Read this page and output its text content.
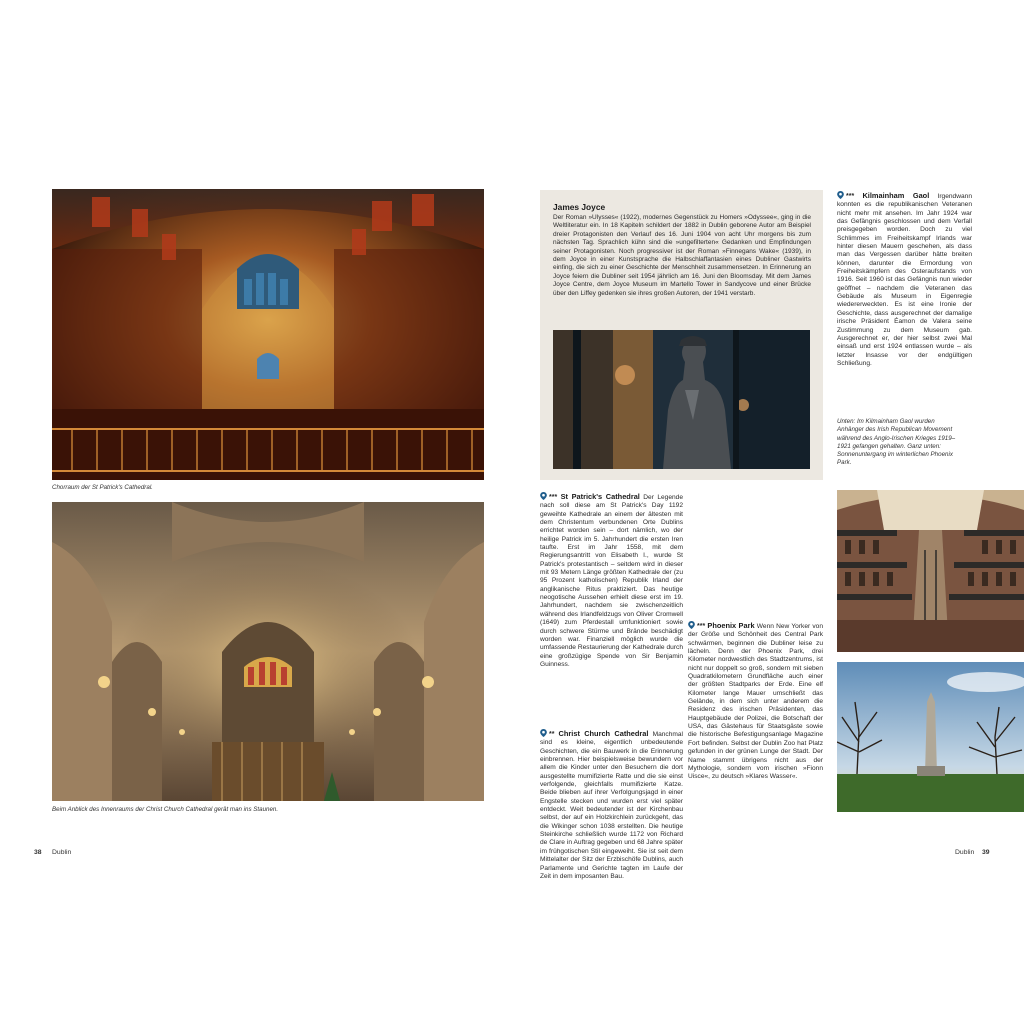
Chorraum der St Patrick's Cathedral.
Beim Anblick des Innenraums der Christ Church Cathedral gerät man ins Staunen.
38 Dublin
James Joyce
Der Roman »Ulysses« (1922), modernes Gegenstück zu Homers »Odyssee«, ging in die Weltliteratur ein. In 18 Kapiteln schildert der 1882 in Dublin geborene Autor am Beispiel dreier Protagonisten den Verlauf des 16. Juni 1904 von acht Uhr morgens bis zum nächsten Tag. Sprachlich kühn sind die »ungefilterten« Gedanken und Empfindungen seiner Protagonisten. Noch progressiver ist der Roman »Finnegans Wake« (1939), in dem Joyce in einer Kunstsprache die Halbschlaffantasien eines Dubliner Gastwirts einfing, die sich zu einer Geschichte der Menschheit zusammensetzen. In Erinnerung an Joyce feiern die Dubliner seit 1954 jährlich am 16. Juni den Bloomsday. Mit dem James Joyce Centre, dem Joyce Museum im Martello Tower in Sandycove und einer Brücke über den Liffey gedenken sie ihres großen Autoren, der 1941 verstarb.

*** Kilmainham Gaol Irgendwann konnten es die republikanischen Veteranen nicht mehr mit ansehen. Im Jahr 1924 war das Gefängnis geschlossen und dem Verfall preisgegeben worden. Doch zu viel Schlimmes im Freiheitskampf Irlands war hinter diesen Mauern geschehen, als dass man das Vergessen darüber hätte breiten können, darunter die Ermordung von Freiheitskämpfern des Osteraufstands von 1916. Seit 1960 ist das Gefängnis nun wieder geöffnet – nachdem die Veteranen das Gebäude als Museum in Eigenregie wiedererweckten. Es ist eine Ironie der Geschichte, dass ausgerechnet der damalige irische Präsident Éamon de Valera seine Zustimmung zu dem Museum gab. Ausgerechnet er, der hier selbst zwei Mal einsaß und erst 1924 entlassen wurde – als letzter Insasse vor der endgültigen Schließung.

Unten: Im Kilmainham Gaol wurden Anhänger des Irish Republican Movement während des Anglo-Irischen Krieges 1919–1921 gefangen gehalten. Ganz unten: Sonnenuntergang im winterlichen Phoenix Park.

*** St Patrick's Cathedral Der Legende nach soll diese am St Patrick's Day 1192 geweihte Kathedrale an einem der ältesten mit dem Christentum verbundenen Orte Dublins errichtet worden sein – dort nämlich, wo der heilige Patrick im 5. Jahrhundert die ersten Iren taufte. Erst im Jahr 1558, mit dem Regierungsantritt von Elisabeth I., wurde St Patrick's protestantisch – seitdem wird in dieser mit 93 Metern Länge größten Kathedrale der (zu 95 Prozent katholischen) Republik Irland der anglikanische Ritus praktiziert. Das heutige neogotische Aussehen erhielt diese erst im 19. Jahrhundert, nachdem sie zwischenzeitlich während des Irlandfeldzugs von Oliver Cromwell (1649) zum Pferdestall umfunktioniert sowie durch schwere Stürme und Brände beschädigt worden war. Finanziell möglich wurde die umfassende Restaurierung der Kathedrale durch eine großzügige Spende von Sir Benjamin Guinness.

** Christ Church Cathedral Manchmal sind es kleine, eigentlich unbedeutende Geschichten, die ein Bauwerk in die Erinnerung einbrennen. Hier beispielsweise bewundern vor allem die Kinder unter den Besuchern die dort ausgestellte mumifizierte Ratte und die sie einst verfolgende, gleichfalls mumifizierte Katze. Beide blieben auf ihrer Verfolgungsjagd in einer Engstelle stecken und wurden erst viel später entdeckt. Weit bedeutender ist der Kirchenbau selbst, der auf ein Holzkirchlein zurückgeht, das die Wikinger schon 1038 erstellten. Die heutige Steinkirche schließlich wurde 1172 von Richard de Clare in Auftrag gegeben und 68 Jahre später im frühgotischen Stil eingeweiht. Sie ist seit dem Mittelalter der Sitz der Erzbischöfe Dublins, auch Parlamente und Gerichte tagten im Laufe der Zeit in dem imposanten Bau.

*** Phoenix Park Wenn New Yorker von der Größe und Schönheit des Central Park schwärmen, beginnen die Dubliner leise zu lächeln. Denn der Phoenix Park, drei Kilometer nordwestlich des Stadtzentrums, ist nicht nur doppelt so groß, sondern mit sieben Quadratkilometern Grundfläche auch einer der größten Stadtparks der Erde. Eine elf Kilometer lange Mauer umschließt das Gelände, in dem sich unter anderem die Residenz des irischen Präsidenten, das Hauptgebäude der Polizei, die Botschaft der USA, das Gästehaus für Staatsgäste sowie die historische Befestigungsanlage Magazine Fort befinden. Selbst der Dublin Zoo hat Platz gefunden in der grünen Lunge der Stadt. Der Name stammt übrigens nicht aus der Mythologie, sondern vom irischen »Fionn Uisce«, zu deutsch »Klares Wasser«.

Dublin 39
